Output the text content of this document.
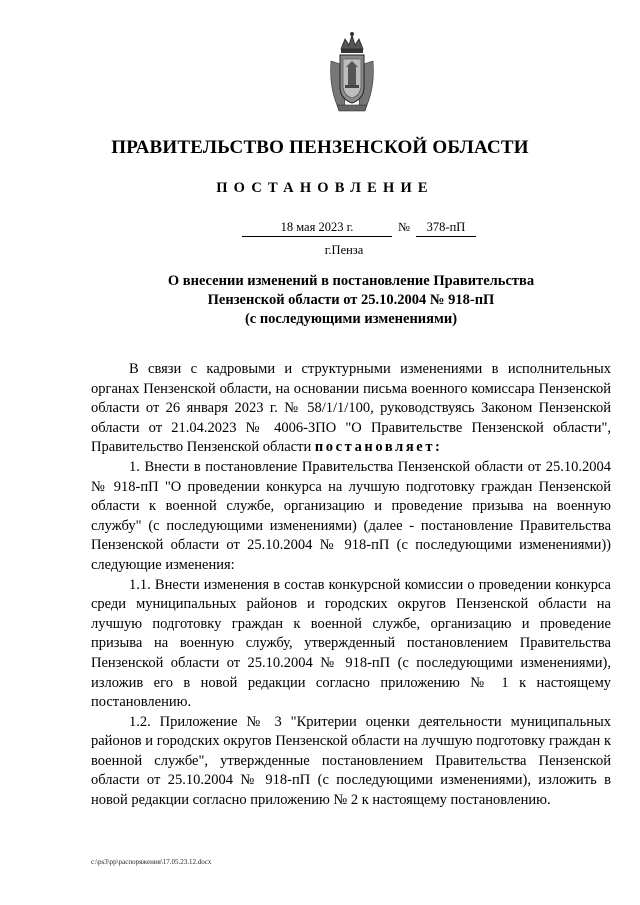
ПРАВИТЕЛЬСТВО ПЕНЗЕНСКОЙ ОБЛАСТИ
ПОСТАНОВЛЕНИЕ
18 мая 2023 г.	№	378-пП
г.Пенза
О внесении изменений в постановление Правительства
Пензенской области от 25.10.2004 № 918-пП
(с последующими изменениями)

В связи с кадровыми и структурными изменениями в исполнительных органах Пензенской области, на основании письма военного комиссара Пензенской области от 26 января 2023 г. № 58/1/1/100, руководствуясь Законом Пензенской области от 21.04.2023 № 4006-ЗПО "О Правительстве Пензенской области", Правительство Пензенской области постановляет:

1. Внести в постановление Правительства Пензенской области от 25.10.2004 № 918-пП "О проведении конкурса на лучшую подготовку граждан Пензенской области к военной службе, организацию и проведение призыва на военную службу" (с последующими изменениями) (далее - постановление Правительства Пензенской области от 25.10.2004 № 918-пП (с последующими изменениями)) следующие изменения:

1.1. Внести изменения в состав конкурсной комиссии о проведении конкурса среди муниципальных районов и городских округов Пензенской области на лучшую подготовку граждан к военной службе, организацию и проведение призыва на военную службу, утвержденный постановлением Правительства Пензенской области от 25.10.2004 № 918-пП (с последующими изменениями), изложив его в новой редакции согласно приложению № 1 к настоящему постановлению.

1.2. Приложение № 3 "Критерии оценки деятельности муниципальных районов и городских округов Пензенской области на лучшую подготовку граждан к военной службе", утвержденные постановлением Правительства Пензенской области от 25.10.2004 № 918-пП (с последующими изменениями), изложить в новой редакции согласно приложению № 2 к настоящему постановлению.

c:\ps3\pp\распоряжения\17.05.23.12.docx
